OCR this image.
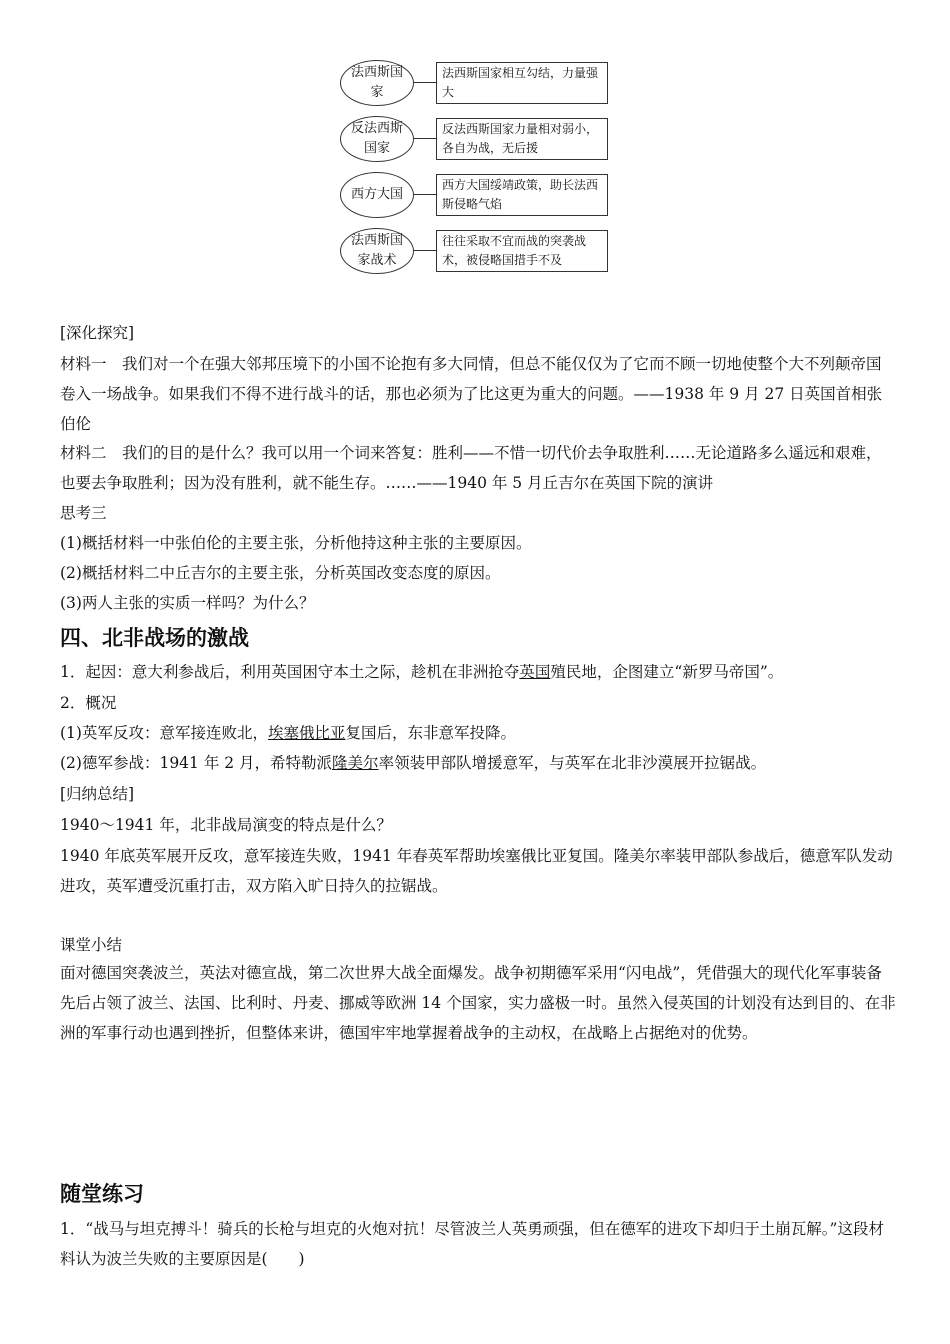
法西斯国家
法西斯国家相互勾结，力量强大
反法西斯国家
反法西斯国家力量相对弱小，各自为战，无后援
西方大国
西方大国绥靖政策，助长法西斯侵略气焰
法西斯国家战术
往往采取不宜而战的突袭战术，被侵略国措手不及

[深化探究]

材料一　我们对一个在强大邻邦压境下的小国不论抱有多大同情，但总不能仅仅为了它而不顾一切地使整个大不列颠帝国卷入一场战争。如果我们不得不进行战斗的话，那也必须为了比这更为重大的问题。——1938 年 9 月 27 日英国首相张伯伦

材料二　我们的目的是什么？我可以用一个词来答复：胜利——不惜一切代价去争取胜利……无论道路多么遥远和艰难，也要去争取胜利；因为没有胜利，就不能生存。……——1940 年 5 月丘吉尔在英国下院的演讲

思考三

(1)概括材料一中张伯伦的主要主张，分析他持这种主张的主要原因。

(2)概括材料二中丘吉尔的主要主张，分析英国改变态度的原因。

(3)两人主张的实质一样吗？为什么？

四、北非战场的激战

1．起因：意大利参战后，利用英国困守本土之际，趁机在非洲抢夺英国殖民地，企图建立“新罗马帝国”。

2．概况

(1)英军反攻：意军接连败北，埃塞俄比亚复国后，东非意军投降。

(2)德军参战：1941 年 2 月，希特勒派隆美尔率领装甲部队增援意军，与英军在北非沙漠展开拉锯战。

[归纳总结]

1940～1941 年，北非战局演变的特点是什么？

1940 年底英军展开反攻，意军接连失败，1941 年春英军帮助埃塞俄比亚复国。隆美尔率装甲部队参战后，德意军队发动进攻，英军遭受沉重打击，双方陷入旷日持久的拉锯战。

课堂小结

面对德国突袭波兰，英法对德宣战，第二次世界大战全面爆发。战争初期德军采用“闪电战”，凭借强大的现代化军事装备先后占领了波兰、法国、比利时、丹麦、挪威等欧洲 14 个国家，实力盛极一时。虽然入侵英国的计划没有达到目的、在非洲的军事行动也遇到挫折，但整体来讲，德国牢牢地掌握着战争的主动权，在战略上占据绝对的优势。

随堂练习

1．“战马与坦克搏斗！骑兵的长枪与坦克的火炮对抗！尽管波兰人英勇顽强，但在德军的进攻下却归于土崩瓦解。”这段材料认为波兰失败的主要原因是(　　)
